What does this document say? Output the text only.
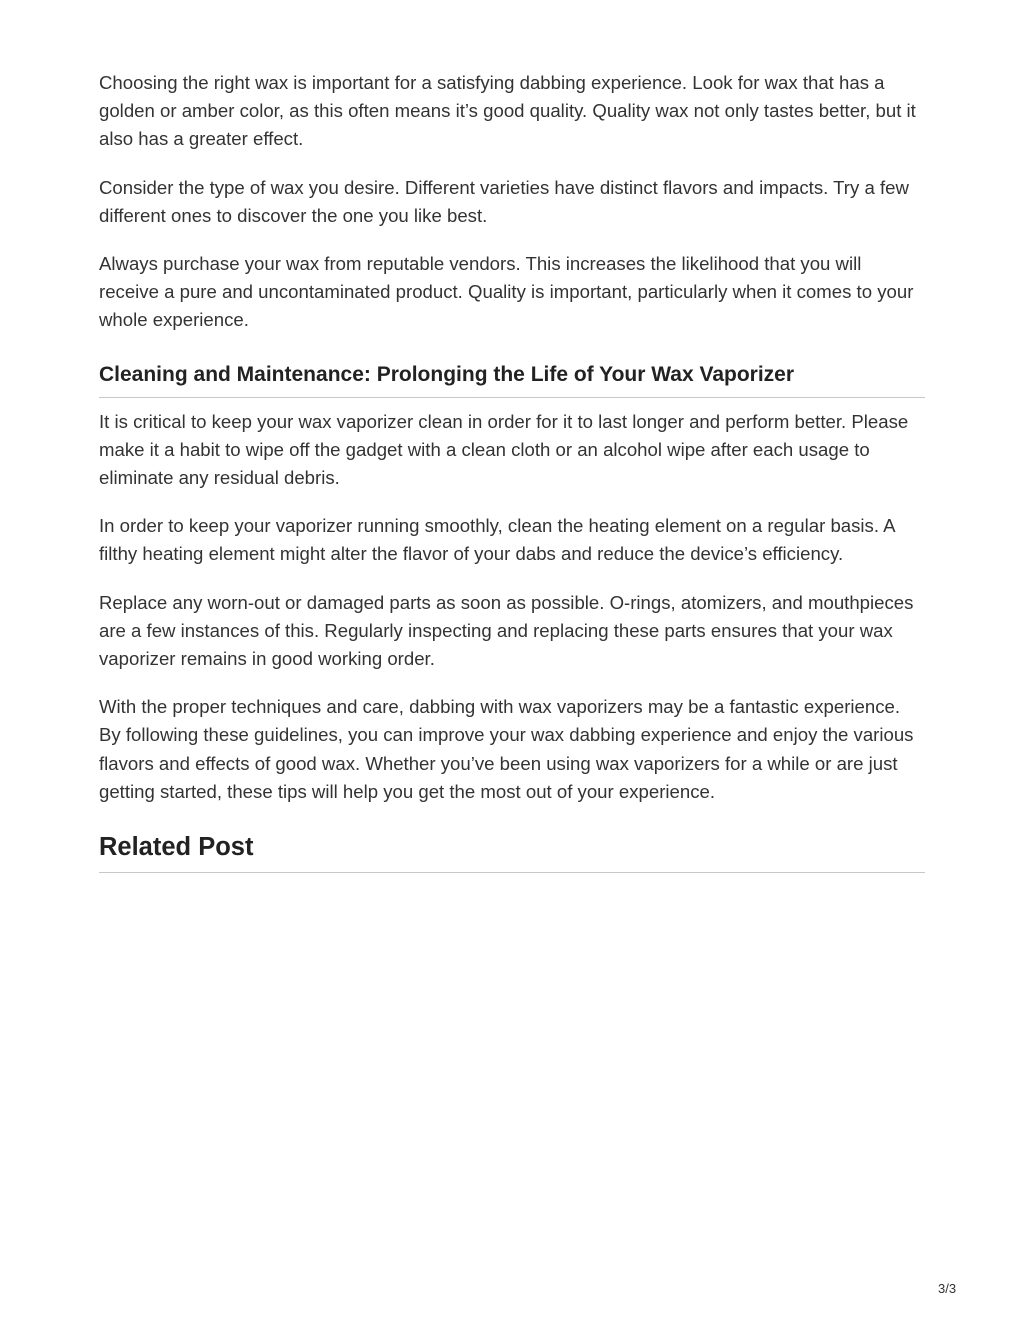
Choosing the right wax is important for a satisfying dabbing experience. Look for wax that has a golden or amber color, as this often means it’s good quality. Quality wax not only tastes better, but it also has a greater effect.

Consider the type of wax you desire. Different varieties have distinct flavors and impacts. Try a few different ones to discover the one you like best.

Always purchase your wax from reputable vendors. This increases the likelihood that you will receive a pure and uncontaminated product. Quality is important, particularly when it comes to your whole experience.

Cleaning and Maintenance: Prolonging the Life of Your Wax Vaporizer

It is critical to keep your wax vaporizer clean in order for it to last longer and perform better. Please make it a habit to wipe off the gadget with a clean cloth or an alcohol wipe after each usage to eliminate any residual debris.

In order to keep your vaporizer running smoothly, clean the heating element on a regular basis. A filthy heating element might alter the flavor of your dabs and reduce the device’s efficiency.

Replace any worn-out or damaged parts as soon as possible. O-rings, atomizers, and mouthpieces are a few instances of this. Regularly inspecting and replacing these parts ensures that your wax vaporizer remains in good working order.

With the proper techniques and care, dabbing with wax vaporizers may be a fantastic experience. By following these guidelines, you can improve your wax dabbing experience and enjoy the various flavors and effects of good wax. Whether you’ve been using wax vaporizers for a while or are just getting started, these tips will help you get the most out of your experience.

Related Post
3/3
